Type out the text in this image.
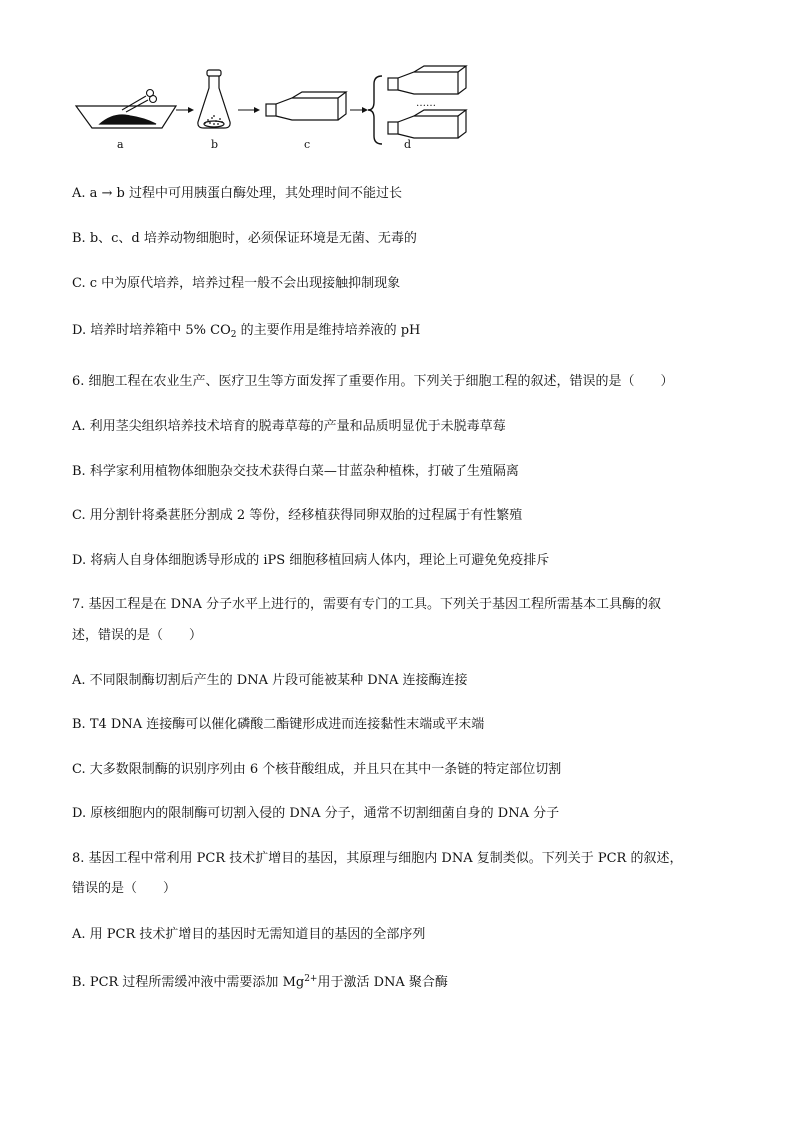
……
a	b	c	d
A. a → b 过程中可用胰蛋白酶处理，其处理时间不能过长
B. b、c、d 培养动物细胞时，必须保证环境是无菌、无毒的
C. c 中为原代培养，培养过程一般不会出现接触抑制现象
D. 培养时培养箱中 5% $CO_2$ 的主要作用是维持培养液的 pH
6. 细胞工程在农业生产、医疗卫生等方面发挥了重要作用。下列关于细胞工程的叙述，错误的是（　　）
A. 利用茎尖组织培养技术培育的脱毒草莓的产量和品质明显优于未脱毒草莓
B. 科学家利用植物体细胞杂交技术获得白菜—甘蓝杂种植株，打破了生殖隔离
C. 用分割针将桑葚胚分割成 2 等份，经移植获得同卵双胎的过程属于有性繁殖
D. 将病人自身体细胞诱导形成的 iPS 细胞移植回病人体内，理论上可避免免疫排斥
7. 基因工程是在 DNA 分子水平上进行的，需要有专门的工具。下列关于基因工程所需基本工具酶的叙
述，错误的是（　　）
A. 不同限制酶切割后产生的 DNA 片段可能被某种 DNA 连接酶连接
B. T4 DNA 连接酶可以催化磷酸二酯键形成进而连接黏性末端或平末端
C. 大多数限制酶的识别序列由 6 个核苷酸组成，并且只在其中一条链的特定部位切割
D. 原核细胞内的限制酶可切割入侵的 DNA 分子，通常不切割细菌自身的 DNA 分子
8. 基因工程中常利用 PCR 技术扩增目的基因，其原理与细胞内 DNA 复制类似。下列关于 PCR 的叙述，
错误的是（　　）
A. 用 PCR 技术扩增目的基因时无需知道目的基因的全部序列
B. PCR 过程所需缓冲液中需要添加 $Mg^{2+}$用于激活 DNA 聚合酶
